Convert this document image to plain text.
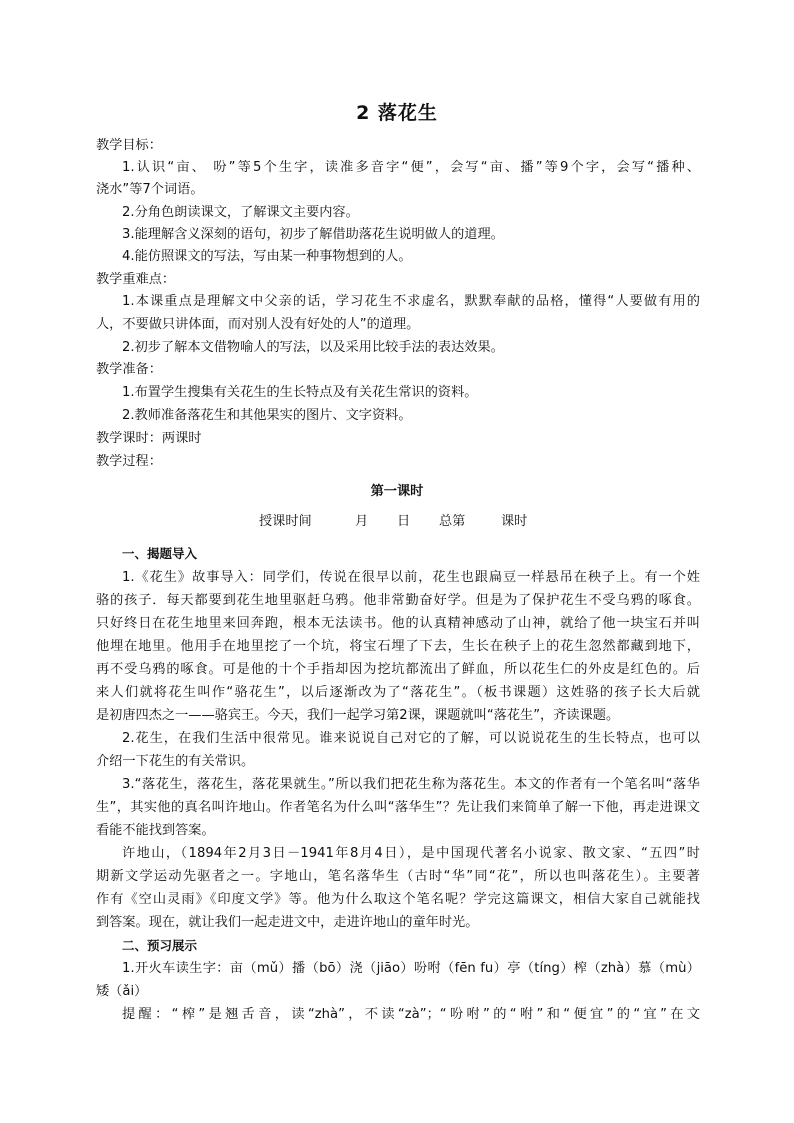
2 落花生
教学目标：
1.认识“亩、 吩”等5个生字，读准多音字“便”，会写“亩、播”等9个字，会写“播种、
浇水”等7个词语。
2.分角色朗读课文，了解课文主要内容。
3.能理解含义深刻的语句，初步了解借助落花生说明做人的道理。
4.能仿照课文的写法，写由某一种事物想到的人。
教学重难点：
1.本课重点是理解文中父亲的话，学习花生不求虚名，默默奉献的品格，懂得“人要做有用的
人，不要做只讲体面，而对别人没有好处的人”的道理。
2.初步了解本文借物喻人的写法，以及采用比较手法的表达效果。
教学准备：
1.布置学生搜集有关花生的生长特点及有关花生常识的资料。
2.教师准备落花生和其他果实的图片、文字资料。
教学课时：两课时
教学过程：
第一课时
授课时间	月 日 总第	课时
一、揭题导入
1.《花生》故事导入：同学们，传说在很早以前，花生也跟扁豆一样悬吊在秧子上。有一个姓
骆的孩子．每天都要到花生地里驱赶乌鸦。他非常勤奋好学。但是为了保护花生不受乌鸦的啄食。
只好终日在花生地里来回奔跑，根本无法读书。他的认真精神感动了山神，就给了他一块宝石并叫
他埋在地里。他用手在地里挖了一个坑，将宝石埋了下去，生长在秧子上的花生忽然都藏到地下，
再不受乌鸦的啄食。可是他的十个手指却因为挖坑都流出了鲜血，所以花生仁的外皮是红色的。后
来人们就将花生叫作“骆花生”，以后逐渐改为了“落花生”。（板书课题）这姓骆的孩子长大后就
是初唐四杰之一——骆宾王。今天，我们一起学习第2课，课题就叫“落花生”，齐读课题。
2.花生，在我们生活中很常见。谁来说说自己对它的了解，可以说说花生的生长特点，也可以
介绍一下花生的有关常识。
3.“落花生，落花生，落花果就生。”所以我们把花生称为落花生。本文的作者有一个笔名叫“落华
生”，其实他的真名叫许地山。作者笔名为什么叫“落华生”？先让我们来简单了解一下他，再走进课文
看能不能找到答案。
许地山，（1894年2月3日－1941年8月4日），是中国现代著名小说家、散文家、“五四”时
期新文学运动先驱者之一。字地山，笔名落华生（古时“华”同“花”，所以也叫落花生）。主要著
作有《空山灵雨》《印度文学》等。他为什么取这个笔名呢？学完这篇课文，相信大家自己就能找
到答案。现在，就让我们一起走进文中，走进许地山的童年时光。
二、预习展示
1.开火车读生字：亩（mǔ）播（bō）浇（jiāo）吩咐（fēn fu）亭（tíng）榨（zhà）慕（mù）
矮（ǎi）
提醒：“榨”是翘舌音，读“zhà”，不读“zà”；“吩咐”的“咐”和“便宜”的“宜”在文
